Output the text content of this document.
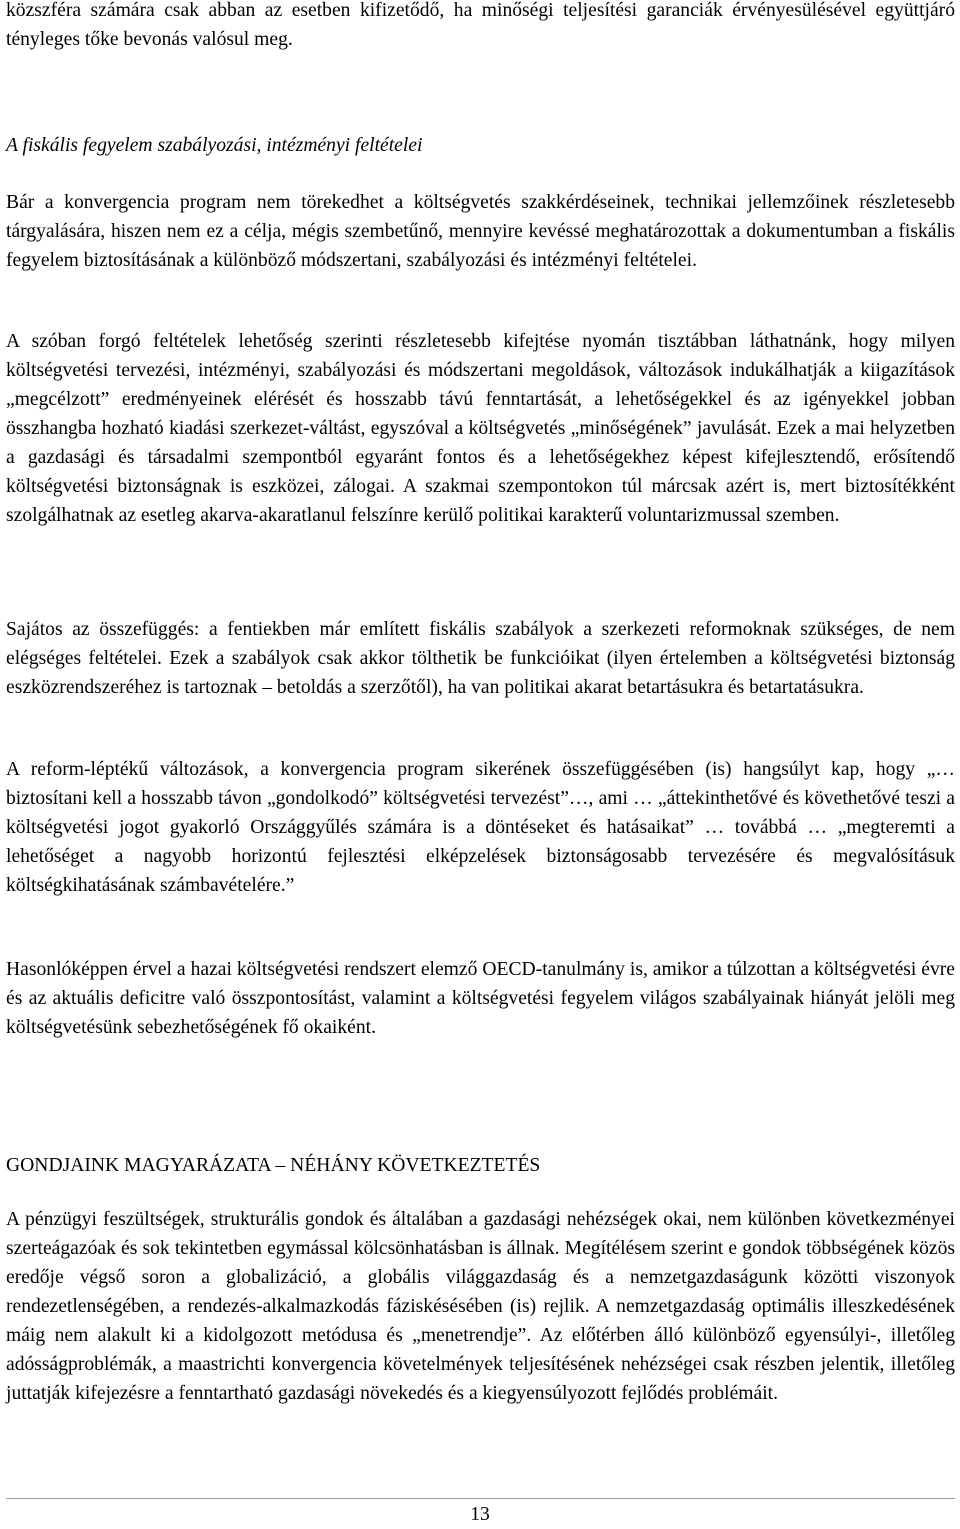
közszféra számára csak abban az esetben kifizetődő, ha minőségi teljesítési garanciák érvényesülésével együttjáró tényleges tőke bevonás valósul meg.

A fiskális fegyelem szabályozási, intézményi feltételei

Bár a konvergencia program nem törekedhet a költségvetés szakkérdéseinek, technikai jellemzőinek részletesebb tárgyalására, hiszen nem ez a célja, mégis szembetűnő, mennyire kevéssé meghatározottak a dokumentumban a fiskális fegyelem biztosításának a különböző módszertani, szabályozási és intézményi feltételei.

A szóban forgó feltételek lehetőség szerinti részletesebb kifejtése nyomán tisztábban láthatnánk, hogy milyen költségvetési tervezési, intézményi, szabályozási és módszertani megoldások, változások indukálhatják a kiigazítások „megcélzott” eredményeinek elérését és hosszabb távú fenntartását, a lehetőségekkel és az igényekkel jobban összhangba hozható kiadási szerkezet-váltást, egyszóval a költségvetés „minőségének” javulását. Ezek a mai helyzetben a gazdasági és társadalmi szempontból egyaránt fontos és a lehetőségekhez képest kifejlesztendő, erősítendő költségvetési biztonságnak is eszközei, zálogai. A szakmai szempontokon túl márcsak azért is, mert biztosítékként szolgálhatnak az esetleg akarva-akaratlanul felszínre kerülő politikai karakterű voluntarizmussal szemben.

Sajátos az összefüggés: a fentiekben már említett fiskális szabályok a szerkezeti reformoknak szükséges, de nem elégséges feltételei. Ezek a szabályok csak akkor tölthetik be funkcióikat (ilyen értelemben a költségvetési biztonság eszközrendszeréhez is tartoznak – betoldás a szerzőtől), ha van politikai akarat betartásukra és betartatásukra.

A reform-léptékű változások, a konvergencia program sikerének összefüggésében (is) hangsúlyt kap, hogy „…biztosítani kell a hosszabb távon „gondolkodó” költségvetési tervezést”…, ami … „áttekinthetővé és követhetővé teszi a költségvetési jogot gyakorló Országgyűlés számára is a döntéseket és hatásaikat” … továbbá … „megteremti a lehetőséget a nagyobb horizontú fejlesztési elképzelések biztonságosabb tervezésére és megvalósításuk költségkihatásának számbavételére.”

Hasonlóképpen érvel a hazai költségvetési rendszert elemző OECD-tanulmány is, amikor a túlzottan a költségvetési évre és az aktuális deficitre való összpontosítást, valamint a költségvetési fegyelem világos szabályainak hiányát jelöli meg költségvetésünk sebezhetőségének fő okaiként.

GONDJAINK MAGYARÁZATA – NÉHÁNY KÖVETKEZTETÉS

A pénzügyi feszültségek, strukturális gondok és általában a gazdasági nehézségek okai, nem különben következményei szerteágazóak és sok tekintetben egymással kölcsönhatásban is állnak. Megítélésem szerint e gondok többségének közös eredője végső soron a globalizáció, a globális világgazdaság és a nemzetgazdaságunk közötti viszonyok rendezetlenségében, a rendezés-alkalmazkodás fáziskésésében (is) rejlik. A nemzetgazdaság optimális illeszkedésének máig nem alakult ki a kidolgozott metódusa és „menetrendje”. Az előtérben álló különböző egyensúlyi-, illetőleg adósságproblémák, a maastrichti konvergencia követelmények teljesítésének nehézségei csak részben jelentik, illetőleg juttatják kifejezésre a fenntartható gazdasági növekedés és a kiegyensúlyozott fejlődés problémáit.

13
